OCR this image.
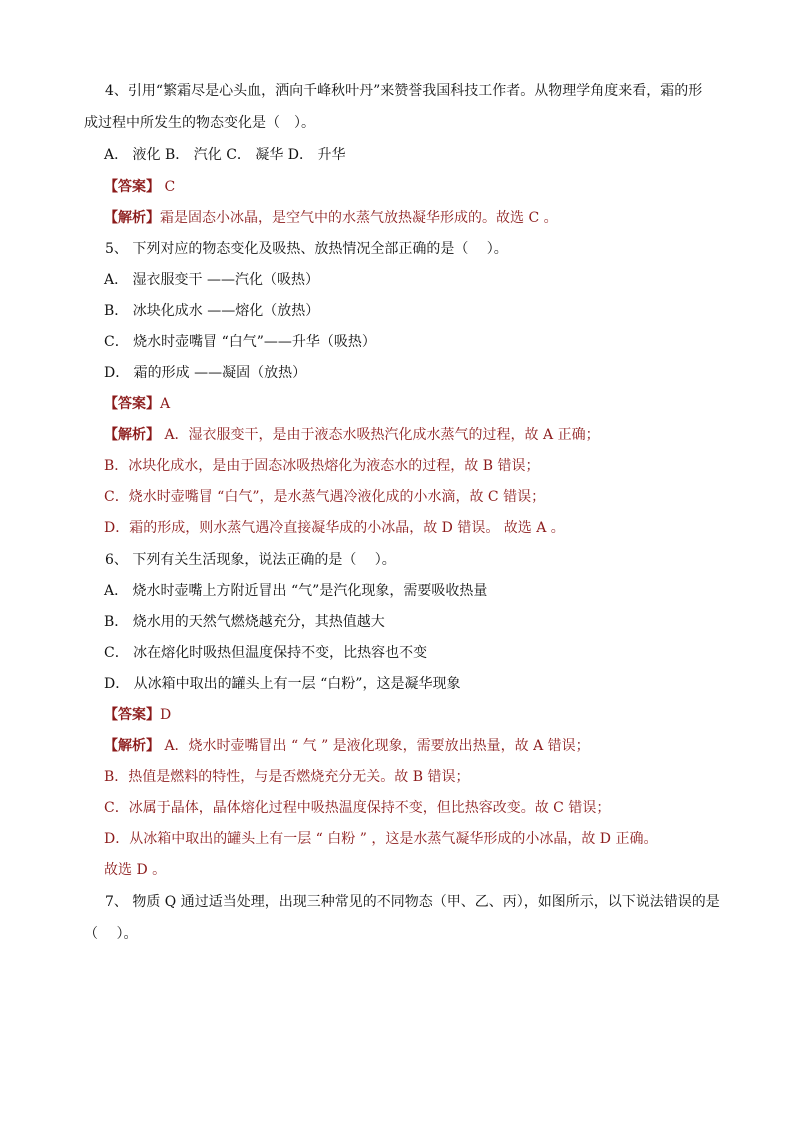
4、引用“繁霜尽是心头血，洒向千峰秋叶丹”来赞誉我国科技工作者。从物理学角度来看，霜的形
成过程中所发生的物态变化是（　）。
A． 液化 B． 汽化 C． 凝华 D． 升华
【答案】 C
【解析】霜是固态小冰晶，是空气中的水蒸气放热凝华形成的。故选 C 。
5、 下列对应的物态变化及吸热、放热情况全部正确的是（　 ）。
A． 湿衣服变干 ——汽化（吸热）
B． 冰块化成水 ——熔化（放热）
C． 烧水时壶嘴冒 “白气”——升华（吸热）
D． 霜的形成 ——凝固（放热）
【答案】A
【解析】 A．湿衣服变干，是由于液态水吸热汽化成水蒸气的过程，故 A 正确；
B．冰块化成水，是由于固态冰吸热熔化为液态水的过程，故 B 错误；
C．烧水时壶嘴冒 “白气”，是水蒸气遇冷液化成的小水滴，故 C 错误；
D．霜的形成，则水蒸气遇冷直接凝华成的小冰晶，故 D 错误。 故选 A 。
6、 下列有关生活现象，说法正确的是（　 ）。
A． 烧水时壶嘴上方附近冒出 “气”是汽化现象，需要吸收热量
B． 烧水用的天然气燃烧越充分，其热值越大
C． 冰在熔化时吸热但温度保持不变，比热容也不变
D． 从冰箱中取出的罐头上有一层 “白粉”，这是凝华现象
【答案】D
【解析】 A．烧水时壶嘴冒出 “ 气 ” 是液化现象，需要放出热量，故 A 错误；
B．热值是燃料的特性，与是否燃烧充分无关。故 B 错误；
C．冰属于晶体，晶体熔化过程中吸热温度保持不变，但比热容改变。故 C 错误；
D．从冰箱中取出的罐头上有一层 “ 白粉 ” ，这是水蒸气凝华形成的小冰晶，故 D 正确。
故选 D 。
7、 物质 Q 通过适当处理，出现三种常见的不同物态（甲、乙、丙），如图所示，以下说法错误的是
（　 ）。
